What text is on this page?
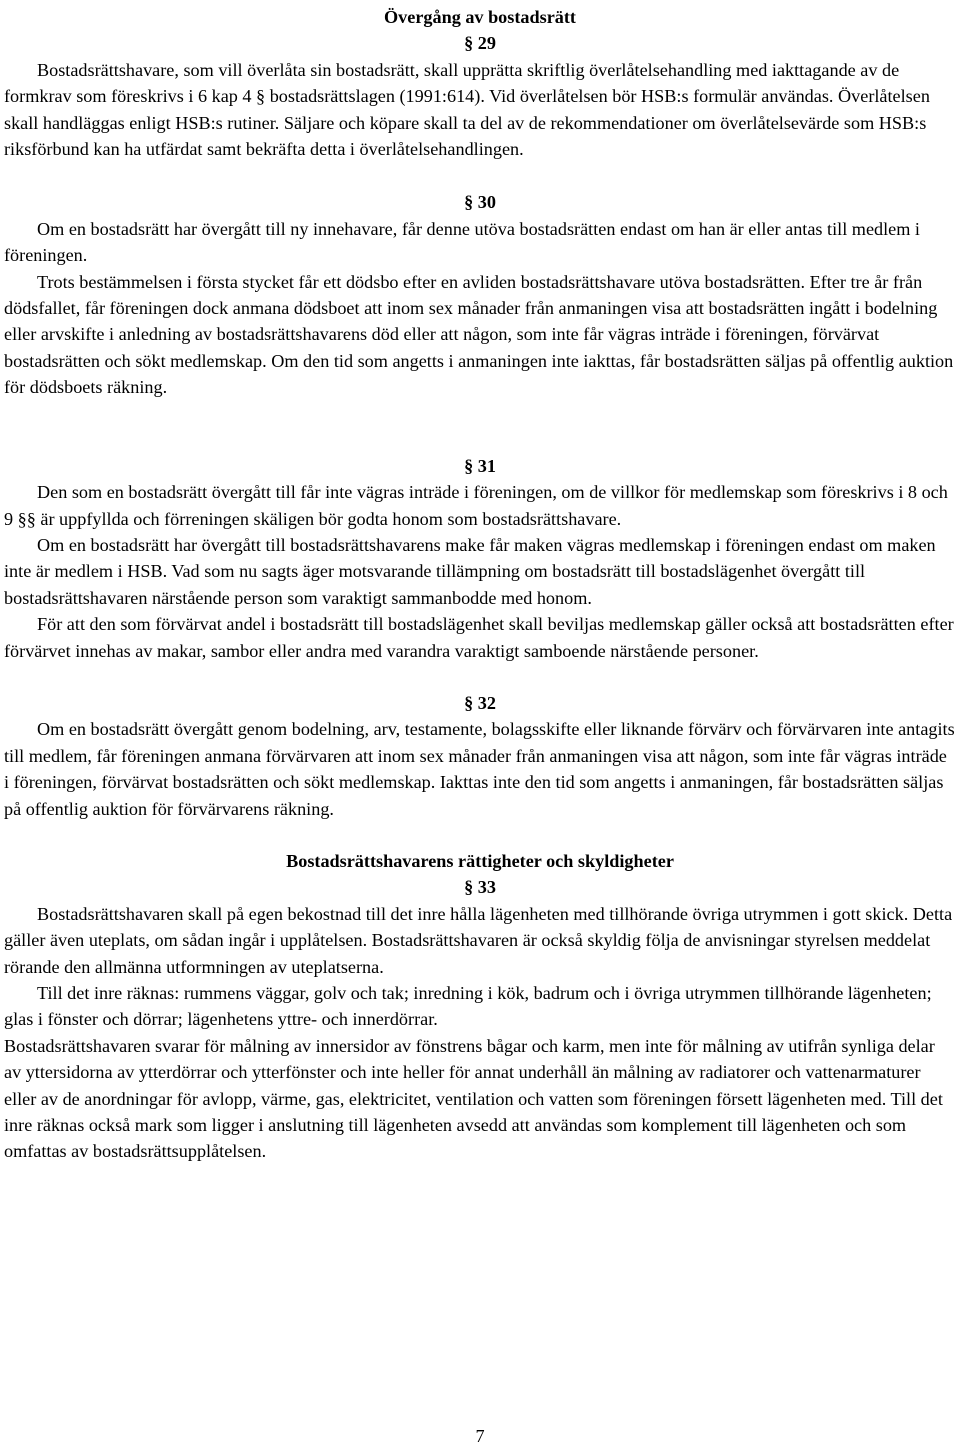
Övergång av bostadsrätt

§ 29

Bostadsrättshavare, som vill överlåta sin bostadsrätt, skall upprätta skriftlig överlåtelsehandling med iakttagande av de formkrav som föreskrivs i 6 kap 4 § bostadsrättslagen (1991:614). Vid överlåtelsen bör HSB:s formulär användas. Överlåtelsen skall handläggas enligt HSB:s rutiner. Säljare och köpare skall ta del av de rekommendationer om överlåtelsevärde som HSB:s riksförbund kan ha utfärdat samt bekräfta detta i överlåtelsehandlingen.

§ 30

Om en bostadsrätt har övergått till ny innehavare, får denne utöva bostadsrätten endast om han är eller antas till medlem i föreningen.

Trots bestämmelsen i första stycket får ett dödsbo efter en avliden bostadsrättshavare utöva bostadsrätten. Efter tre år från dödsfallet, får föreningen dock anmana dödsboet att inom sex månader från anmaningen visa att bostadsrätten ingått i bodelning eller arvskifte i anledning av bostadsrättshavarens död eller att någon, som inte får vägras inträde i föreningen, förvärvat bostadsrätten och sökt medlemskap. Om den tid som angetts i anmaningen inte iakttas, får bostadsrätten säljas på offentlig auktion för dödsboets räkning.

§ 31

Den som en bostadsrätt övergått till får inte vägras inträde i föreningen, om de villkor för medlemskap som föreskrivs i 8 och 9 §§ är uppfyllda och förreningen skäligen bör godta honom som bostadsrättshavare.

Om en bostadsrätt har övergått till bostadsrättshavarens make får maken vägras medlemskap i föreningen endast om maken inte är medlem i HSB. Vad som nu sagts äger motsvarande tillämpning om bostadsrätt till bostadslägenhet övergått till bostadsrättshavaren närstående person som varaktigt sammanbodde med honom.

För att den som förvärvat andel i bostadsrätt till bostadslägenhet skall beviljas medlemskap gäller också att bostadsrätten efter förvärvet innehas av makar, sambor eller andra med varandra varaktigt samboende närstående personer.

§ 32

Om en bostadsrätt övergått genom bodelning, arv, testamente, bolagsskifte eller liknande förvärv och förvärvaren inte antagits till medlem, får föreningen anmana förvärvaren att inom sex månader från anmaningen visa att någon, som inte får vägras inträde i föreningen, förvärvat bostadsrätten och sökt medlemskap. Iakttas inte den tid som angetts i anmaningen, får bostadsrätten säljas på offentlig auktion för förvärvarens räkning.

Bostadsrättshavarens rättigheter och skyldigheter

§ 33

Bostadsrättshavaren skall på egen bekostnad till det inre hålla lägenheten med tillhörande övriga utrymmen i gott skick. Detta gäller även uteplats, om sådan ingår i upplåtelsen. Bostadsrättshavaren är också skyldig följa de anvisningar styrelsen meddelat rörande den allmänna utformningen av uteplatserna.

Till det inre räknas: rummens väggar, golv och tak; inredning i kök, badrum och i övriga utrymmen tillhörande lägenheten; glas i fönster och dörrar; lägenhetens yttre- och innerdörrar.

Bostadsrättshavaren svarar för målning av innersidor av fönstrens bågar och karm, men inte för målning av utifrån synliga delar av yttersidorna av ytterdörrar och ytterfönster och inte heller för annat underhåll än målning av radiatorer och vattenarmaturer eller av de anordningar för avlopp, värme, gas, elektricitet, ventilation och vatten som föreningen försett lägenheten med. Till det inre räknas också mark som ligger i anslutning till lägenheten avsedd att användas som komplement till lägenheten och som omfattas av bostadsrättsupplåtelsen.

7
